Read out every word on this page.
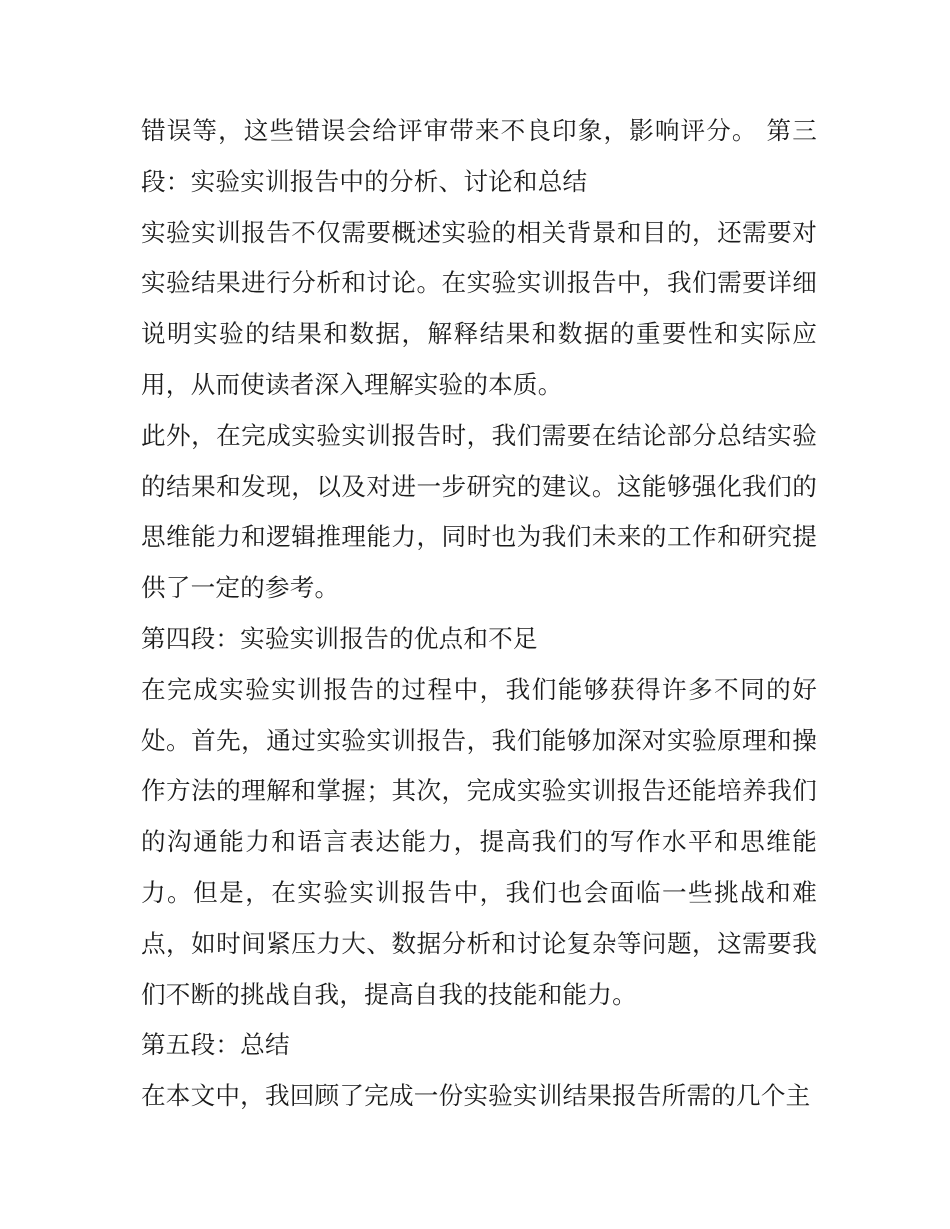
错误等，这些错误会给评审带来不良印象，影响评分。 第三段：实验实训报告中的分析、讨论和总结

实验实训报告不仅需要概述实验的相关背景和目的，还需要对实验结果进行分析和讨论。在实验实训报告中，我们需要详细说明实验的结果和数据，解释结果和数据的重要性和实际应用，从而使读者深入理解实验的本质。

此外，在完成实验实训报告时，我们需要在结论部分总结实验的结果和发现，以及对进一步研究的建议。这能够强化我们的思维能力和逻辑推理能力，同时也为我们未来的工作和研究提供了一定的参考。

第四段：实验实训报告的优点和不足

在完成实验实训报告的过程中，我们能够获得许多不同的好处。首先，通过实验实训报告，我们能够加深对实验原理和操作方法的理解和掌握；其次，完成实验实训报告还能培养我们的沟通能力和语言表达能力，提高我们的写作水平和思维能力。但是，在实验实训报告中，我们也会面临一些挑战和难点，如时间紧压力大、数据分析和讨论复杂等问题，这需要我们不断的挑战自我，提高自我的技能和能力。

第五段：总结

在本文中，我回顾了完成一份实验实训结果报告所需的几个主
